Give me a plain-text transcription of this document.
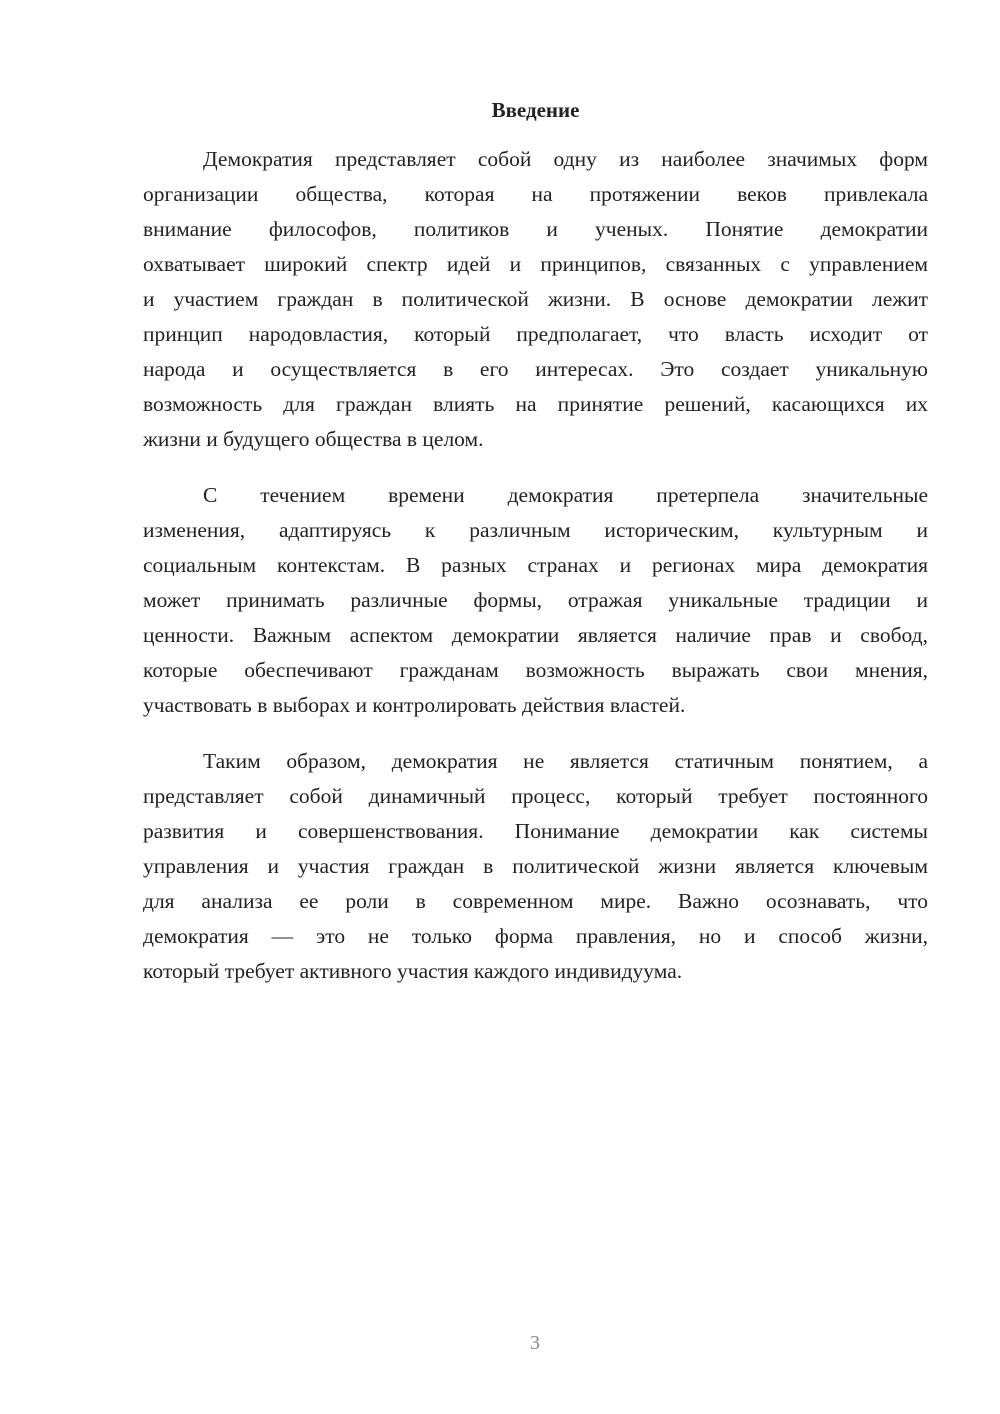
Введение
Демократия представляет собой одну из наиболее значимых форм
организации общества, которая на протяжении веков привлекала
внимание философов, политиков и ученых. Понятие демократии
охватывает широкий спектр идей и принципов, связанных с управлением
и участием граждан в политической жизни. В основе демократии лежит
принцип народовластия, который предполагает, что власть исходит от
народа и осуществляется в его интересах. Это создает уникальную
возможность для граждан влиять на принятие решений, касающихся их
жизни и будущего общества в целом.
С течением времени демократия претерпела значительные
изменения, адаптируясь к различным историческим, культурным и
социальным контекстам. В разных странах и регионах мира демократия
может принимать различные формы, отражая уникальные традиции и
ценности. Важным аспектом демократии является наличие прав и свобод,
которые обеспечивают гражданам возможность выражать свои мнения,
участвовать в выборах и контролировать действия властей.
Таким образом, демократия не является статичным понятием, а
представляет собой динамичный процесс, который требует постоянного
развития и совершенствования. Понимание демократии как системы
управления и участия граждан в политической жизни является ключевым
для анализа ее роли в современном мире. Важно осознавать, что
демократия — это не только форма правления, но и способ жизни,
который требует активного участия каждого индивидуума.
3
